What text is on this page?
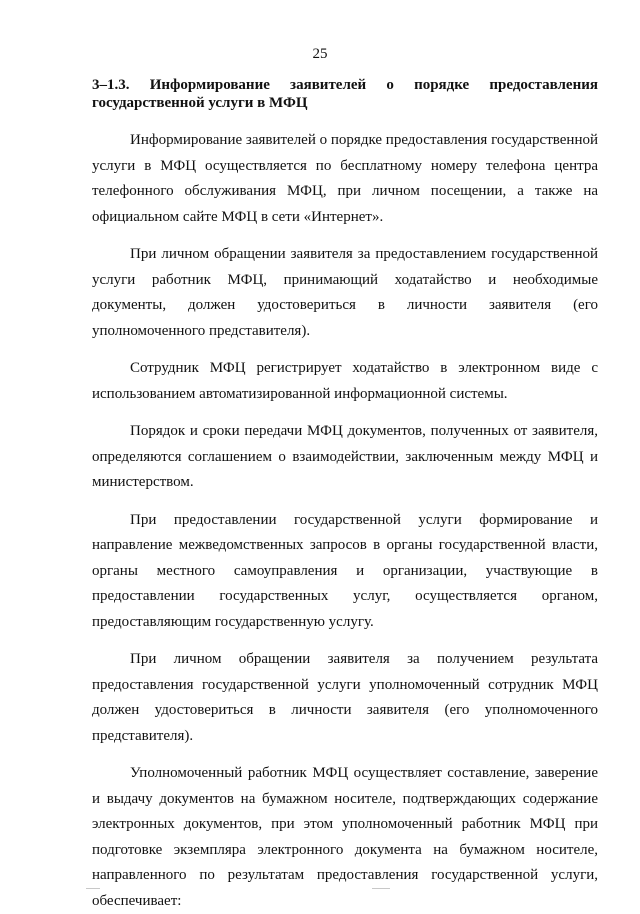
25

3–1.3. Информирование заявителей о порядке предоставления государственной услуги в МФЦ

Информирование заявителей о порядке предоставления государственной услуги в МФЦ осуществляется по бесплатному номеру телефона центра телефонного обслуживания МФЦ, при личном посещении, а также на официальном сайте МФЦ в сети «Интернет».

При личном обращении заявителя за предоставлением государственной услуги работник МФЦ, принимающий ходатайство и необходимые документы, должен удостовериться в личности заявителя (его уполномоченного представителя).

Сотрудник МФЦ регистрирует ходатайство в электронном виде с использованием автоматизированной информационной системы.

Порядок и сроки передачи МФЦ документов, полученных от заявителя, определяются соглашением о взаимодействии, заключенным между МФЦ и министерством.

При предоставлении государственной услуги формирование и направление межведомственных запросов в органы государственной власти, органы местного самоуправления и организации, участвующие в предоставлении государственных услуг, осуществляется органом, предоставляющим государственную услугу.

При личном обращении заявителя за получением результата предоставления государственной услуги уполномоченный сотрудник МФЦ должен удостовериться в личности заявителя (его уполномоченного представителя).

Уполномоченный работник МФЦ осуществляет составление, заверение и выдачу документов на бумажном носителе, подтверждающих содержание электронных документов, при этом уполномоченный работник МФЦ при подготовке экземпляра электронного документа на бумажном носителе, направленного по результатам предоставления государственной услуги, обеспечивает:
